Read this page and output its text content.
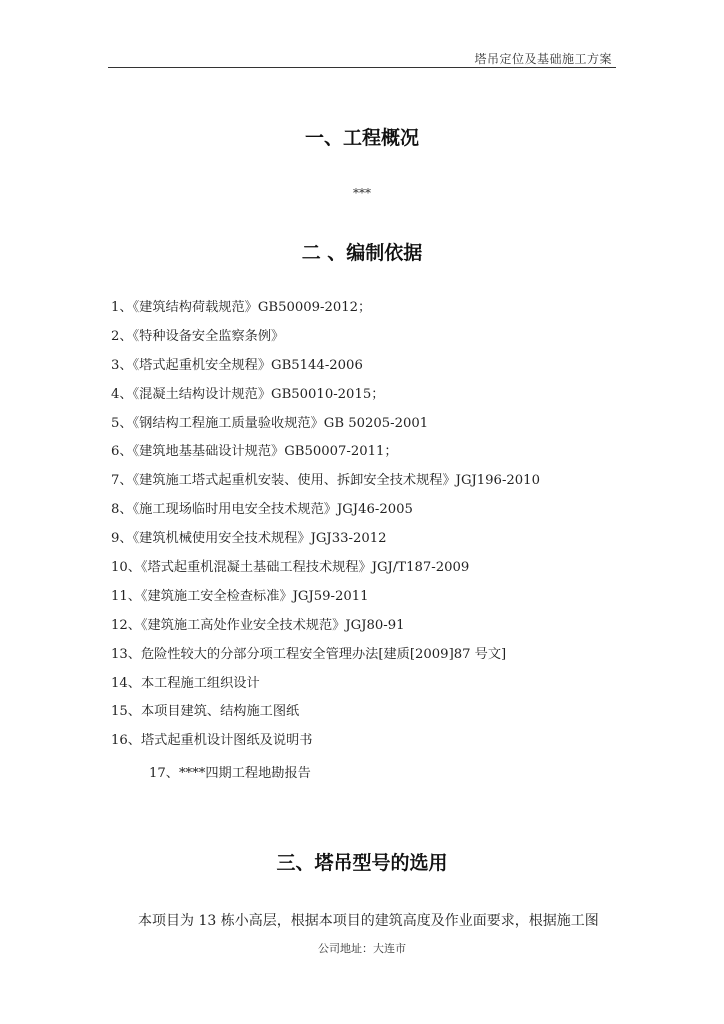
塔吊定位及基础施工方案
一、工程概况
***
二 、编制依据
1、《建筑结构荷载规范》GB50009-2012；
2、《特种设备安全监察条例》
3、《塔式起重机安全规程》GB5144-2006
4、《混凝土结构设计规范》GB50010-2015；
5、《钢结构工程施工质量验收规范》GB 50205-2001
6、《建筑地基基础设计规范》GB50007-2011；
7、《建筑施工塔式起重机安装、使用、拆卸安全技术规程》JGJ196-2010
8、《施工现场临时用电安全技术规范》JGJ46-2005
9、《建筑机械使用安全技术规程》JGJ33-2012
10、《塔式起重机混凝土基础工程技术规程》JGJ/T187-2009
11、《建筑施工安全检查标准》JGJ59-2011
12、《建筑施工高处作业安全技术规范》JGJ80-91
13、危险性较大的分部分项工程安全管理办法[建质[2009]87 号文]
14、本工程施工组织设计
15、本项目建筑、结构施工图纸
16、塔式起重机设计图纸及说明书
17、****四期工程地勘报告
三、塔吊型号的选用
本项目为 13 栋小高层，根据本项目的建筑高度及作业面要求，根据施工图
公司地址：大连市
